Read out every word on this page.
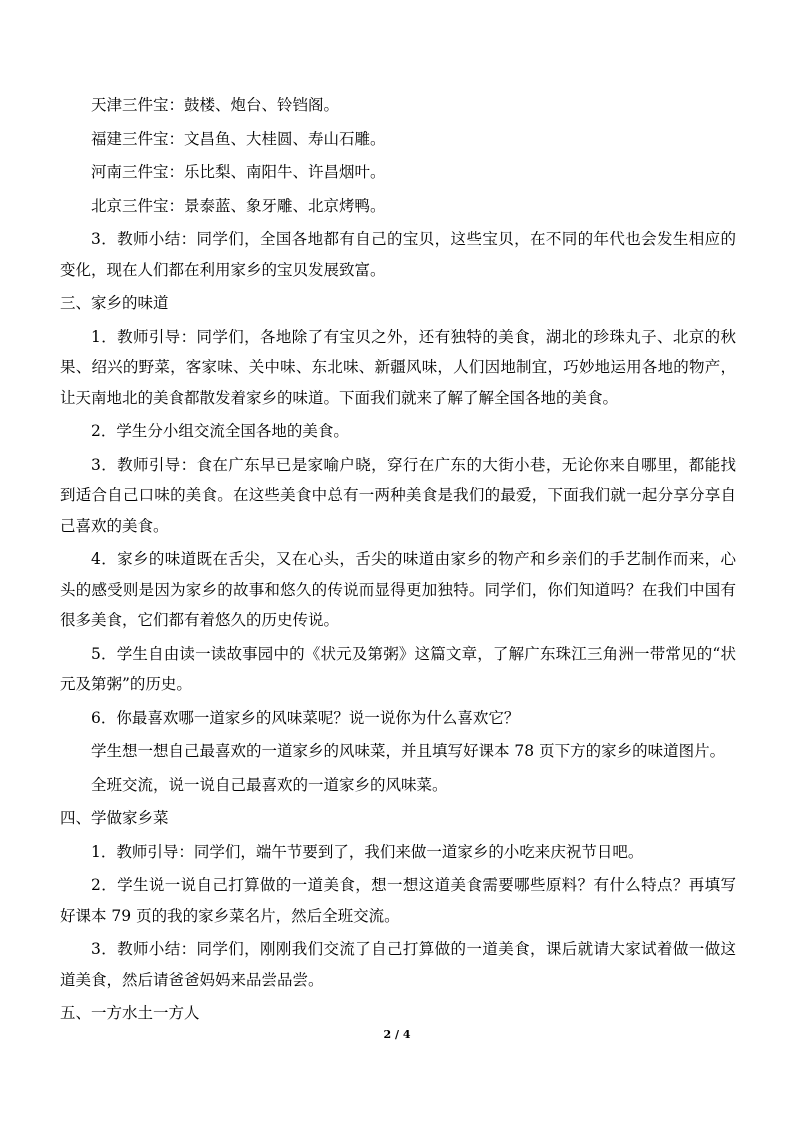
天津三件宝：鼓楼、炮台、铃铛阁。

福建三件宝：文昌鱼、大桂圆、寿山石雕。

河南三件宝：乐比梨、南阳牛、许昌烟叶。

北京三件宝：景泰蓝、象牙雕、北京烤鸭。

3．教师小结：同学们，全国各地都有自己的宝贝，这些宝贝，在不同的年代也会发生相应的变化，现在人们都在利用家乡的宝贝发展致富。

三、家乡的味道

1．教师引导：同学们，各地除了有宝贝之外，还有独特的美食，湖北的珍珠丸子、北京的秋果、绍兴的野菜，客家味、关中味、东北味、新疆风味，人们因地制宜，巧妙地运用各地的物产，让天南地北的美食都散发着家乡的味道。下面我们就来了解了解全国各地的美食。

2．学生分小组交流全国各地的美食。

3．教师引导：食在广东早已是家喻户晓，穿行在广东的大街小巷，无论你来自哪里，都能找到适合自己口味的美食。在这些美食中总有一两种美食是我们的最爱，下面我们就一起分享分享自己喜欢的美食。

4．家乡的味道既在舌尖，又在心头，舌尖的味道由家乡的物产和乡亲们的手艺制作而来，心头的感受则是因为家乡的故事和悠久的传说而显得更加独特。同学们，你们知道吗？在我们中国有很多美食，它们都有着悠久的历史传说。

5．学生自由读一读故事园中的《状元及第粥》这篇文章，了解广东珠江三角洲一带常见的“状元及第粥”的历史。

6．你最喜欢哪一道家乡的风味菜呢？说一说你为什么喜欢它？

学生想一想自己最喜欢的一道家乡的风味菜，并且填写好课本 78 页下方的家乡的味道图片。

全班交流，说一说自己最喜欢的一道家乡的风味菜。

四、学做家乡菜

1．教师引导：同学们，端午节要到了，我们来做一道家乡的小吃来庆祝节日吧。

2．学生说一说自己打算做的一道美食，想一想这道美食需要哪些原料？有什么特点？再填写好课本 79 页的我的家乡菜名片，然后全班交流。

3．教师小结：同学们，刚刚我们交流了自己打算做的一道美食，课后就请大家试着做一做这道美食，然后请爸爸妈妈来品尝品尝。

五、一方水土一方人

2 / 4
